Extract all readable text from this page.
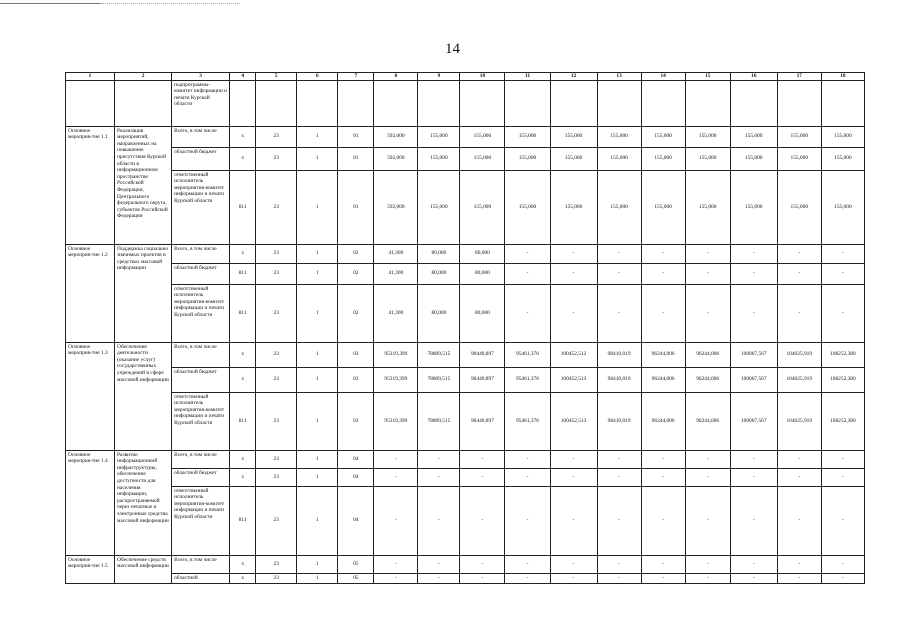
14
1	2	3	4	5	6	7	8	9	10	11	12	13	14	15	16	17	18
		подпрограммы-комитет информации и печати Курской области															
Основное мероприя-тие 1.1	Реализация мероприятий, направленных на повышение присутствия Курской области в информационном пространстве Российской Федерации, Центрального федерального округа, субъектов Российской Федерации	Всего, в том числе	х	23	1	01	592,000	155,000	155,000	155,000	155,000	155,000	155,000	155,000	155,000	155,000	155,000
		областной бюджет	х	23	1	01	592,000	155,000	155,000	155,000	155,000	155,000	155,000	155,000	155,000	155,000	155,000
		ответственный исполнитель мероприятия-комитет информации и печати Курской области	811	23	1	01	592,000	155,000	155,000	155,000	155,000	155,000	155,000	155,000	155,000	155,000	155,000
Основное мероприя-тие 1.2	Поддержка социально значимых проектов в средствах массовой информации	Всего, в том числе	х	23	1	02	41,300	80,000	80,000	-	-	-	-	-	-	-	-
		областной бюджет	811	23	1	02	41,300	80,000	80,000	-	-	-	-	-	-	-	-
		ответственный исполнитель мероприятия-комитет информации и печати Курской области	811	23	1	02	41,300	80,000	80,000	-	-	-	-	-	-	-	-
Основное мероприя-тие 1.3	Обеспечение деятельности (оказание услуг) государственных учреждений в сфере массовой информации	Всего, в том числе	х	23	1	03	95319,399	78809,515	90440,897	95461,376	100452,512	98410,019	96244,006	96244,006	100067,567	104025,919	108252,380
		областной бюджет	х	23	1	03	95319,399	78809,515	90440,897	95461,376	100452,513	98410,019	96244,006	96244,006	100067,567	104025,919	108252,380
		ответственный исполнитель мероприятия-комитет информации и печати Курской области	811	23	1	03	95319,399	78809,515	90440,897	95461,376	100452,513	98410,019	96244,006	96244,006	100067,567	104025,919	108252,380
Основное мероприя-тие 1.4	Развитие информационной инфраструктуры, обеспечение доступности для населения информации, распространяемой через печатные и электронные средства массовой информации	Всего, в том числе	х	23	1	04	-	-	-	-	-	-	-	-	-	-	-
		областной бюджет	х	23	1	04	-	-	-	-	-	-	-	-	-	-	-
		ответственный исполнитель мероприятия-комитет информации и печати Курской области	811	23	1	04	-	-	-	-	-	-	-	-	-	-	-
Основное мероприя-тие 1.5	Обеспечение средств массовой информации	Всего, в том числе	х	23	1	05	-	-	-	-	-	-	-	-	-	-	-
		областной	х	23	1	05	-	-	-	-	-	-	-	-	-	-	-
